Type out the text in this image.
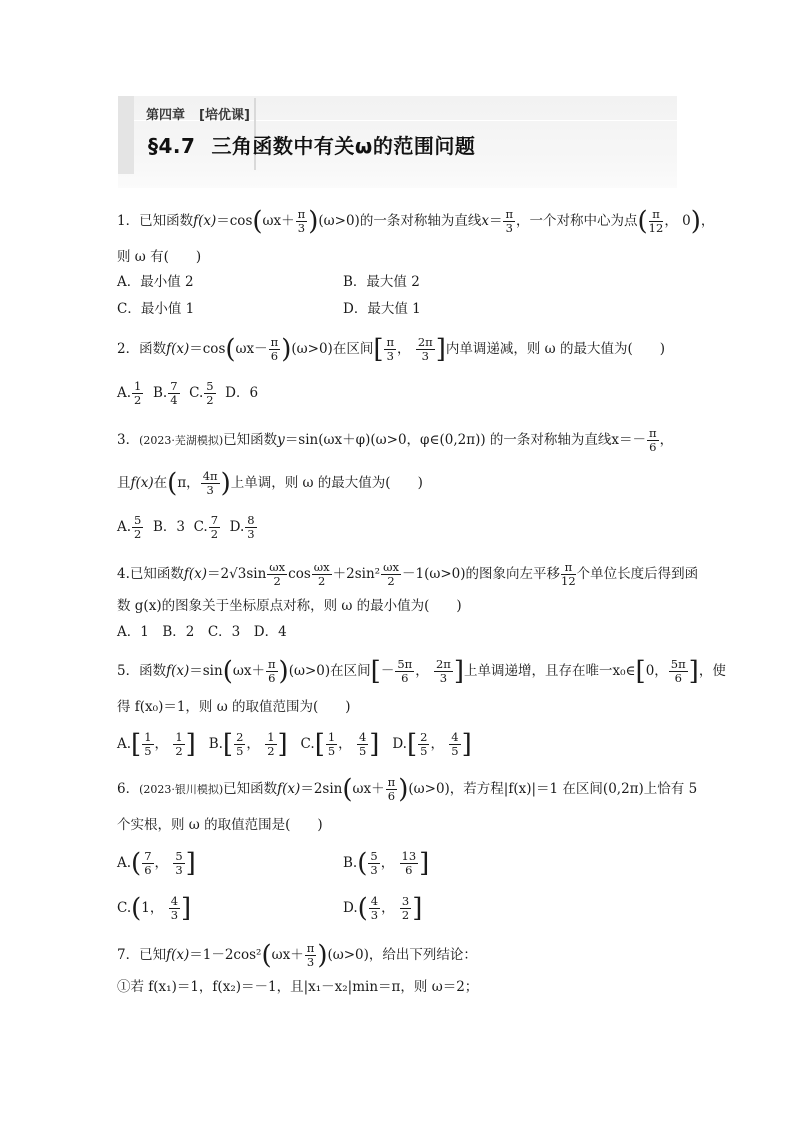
第四章 [培优课]
§4.7 三角函数中有关ω的范围问题
1．已知函数$f(x)=\cos(\omega x+ \frac{\pi}{3} )(\omega>0)$的一条对称轴为直线$x= \frac{\pi}{3}$ ，一个对称中心为点( $\frac{\pi}{12}$ ， 0)，
则 ω 有(　　)
A．最小值 2	B．最大值 2
C．最小值 1	D．最大值 1
2．函数$f(x)=\cos(\omega x- \frac{\pi}{6} )(\omega>0)$在区间[ $\frac{\pi}{3}$ ， $\frac{2\pi}{3}$ ]内单调递减，则 ω 的最大值为(　　)
A. $\frac{1}{2} B$. $\frac{7}{4} C$. $\frac{5}{2}$ D．6
3．(2023·芜湖模拟)已知函数y＝sin(ωx＋φ)(ω>0，φ∈(0,2π)) 的一条对称轴为直线$x=- \frac{\pi}{6}$ ，
且f(x)在(π， $\frac{4\pi}{3}$ )上单调，则 ω 的最大值为(　　)
A. $\frac{5}{2}$ B．3 C. $\frac{7}{2} D$. $\frac{8}{3}$
4.已知函数$f(x)=2√3\sin \frac{\omega x}{2}$ $\cos \frac{\omega x}{2} +2\sin^2 \frac{\omega x}{2} -1(\omega>0)$的图象向左平移 $\frac{\pi}{12}$ 个单位长度后得到函
数 g(x)的图象关于坐标原点对称，则 ω 的最小值为(　　)
A．1　B．2　C．3　D．4
5．函数$f(x)=\sin(\omega x+ \frac{\pi}{6} )(\omega>0)$在区间[－ $\frac{5\pi}{6}$ ， $\frac{2\pi}{3}$ ]上单调递增，且存在唯一x₀∈[0， $\frac{5\pi}{6}$ ]，使
得 f(x₀)＝1，则 ω 的取值范围为(　　)
$A.[ \frac{1}{5}$ ， $\frac{1}{2}$ ] $B.[ \frac{2}{5}$ ， $\frac{1}{2}$ ] $C.[ \frac{1}{5}$ ， $\frac{4}{5}$ ] $D.[ \frac{2}{5}$ ， $\frac{4}{5}$ ]
6．(2023·银川模拟)已知函数$f(x)=2\sin(\omega x+ \frac{\pi}{6} )(\omega>0)$，若方程|f(x)|＝1 在区间(0,2π)上恰有 5
个实根，则 ω 的取值范围是(　　)
$A.( \frac{7}{6}$ ， $\frac{5}{3}$ ]	$B.( \frac{5}{3}$ ， $\frac{13}{6}$ ]
C.(1， $\frac{4}{3}$ ]	$D.( \frac{4}{3}$ ， $\frac{3}{2}$ ]
7．已知$f(x)=1-2\cos^2(\omega x+ \frac{\pi}{3} )(\omega>0)$，给出下列结论：
①若 f(x₁)＝1，f(x₂)＝－1，且|x₁－x₂|min＝π，则 ω＝2；
